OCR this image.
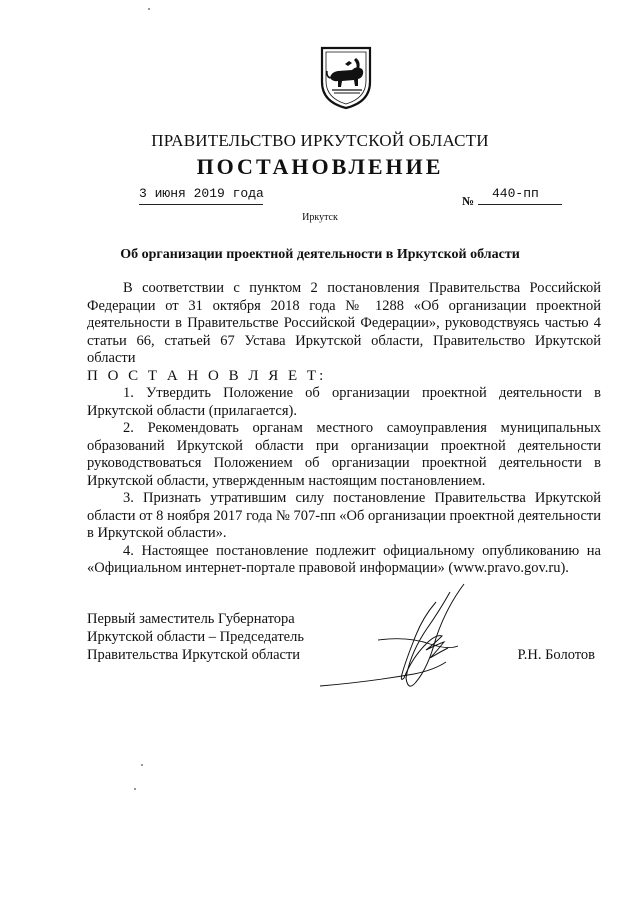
ПРАВИТЕЛЬСТВО ИРКУТСКОЙ ОБЛАСТИ
ПОСТАНОВЛЕНИЕ
3 июня 2019 года	№ 440-пп
Иркутск
Об организации проектной деятельности в Иркутской области

В соответствии с пунктом 2 постановления Правительства Российской Федерации от 31 октября 2018 года № 1288 «Об организации проектной деятельности в Правительстве Российской Федерации», руководствуясь частью 4 статьи 66, статьей 67 Устава Иркутской области, Правительство Иркутской области

П О С Т А Н О В Л Я Е Т:

1. Утвердить Положение об организации проектной деятельности в Иркутской области (прилагается).

2. Рекомендовать органам местного самоуправления муниципальных образований Иркутской области при организации проектной деятельности руководствоваться Положением об организации проектной деятельности в Иркутской области, утвержденным настоящим постановлением.

3. Признать утратившим силу постановление Правительства Иркутской области от 8 ноября 2017 года № 707-пп «Об организации проектной деятельности в Иркутской области».

4. Настоящее постановление подлежит официальному опубликованию на «Официальном интернет-портале правовой информации» (www.pravo.gov.ru).

Первый заместитель Губернатора
Иркутской области – Председатель
Правительства Иркутской области	Р.Н. Болотов
